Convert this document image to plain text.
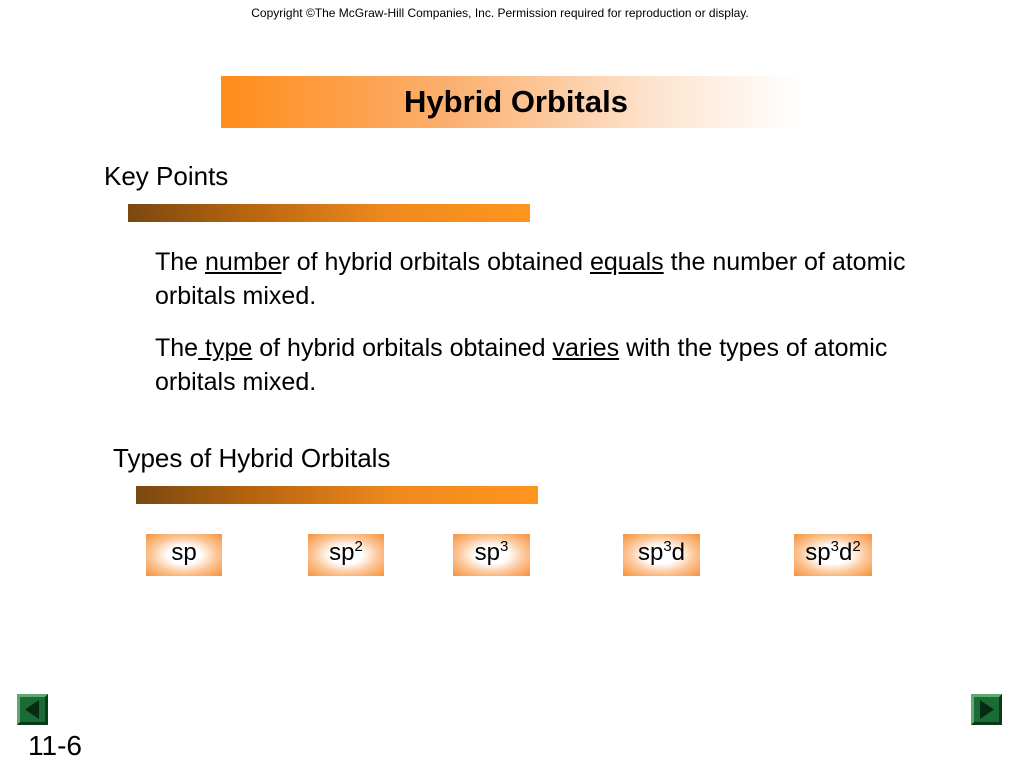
Copyright ©The McGraw-Hill Companies, Inc. Permission required for reproduction or display.
Hybrid Orbitals
Key Points
The number of hybrid orbitals obtained equals the number of atomic orbitals mixed.
The type of hybrid orbitals obtained varies with the types of atomic orbitals mixed.
Types of Hybrid Orbitals
sp	$sp^2$	$sp^3$	$sp^3d$	$sp^3d^2$
11-6
